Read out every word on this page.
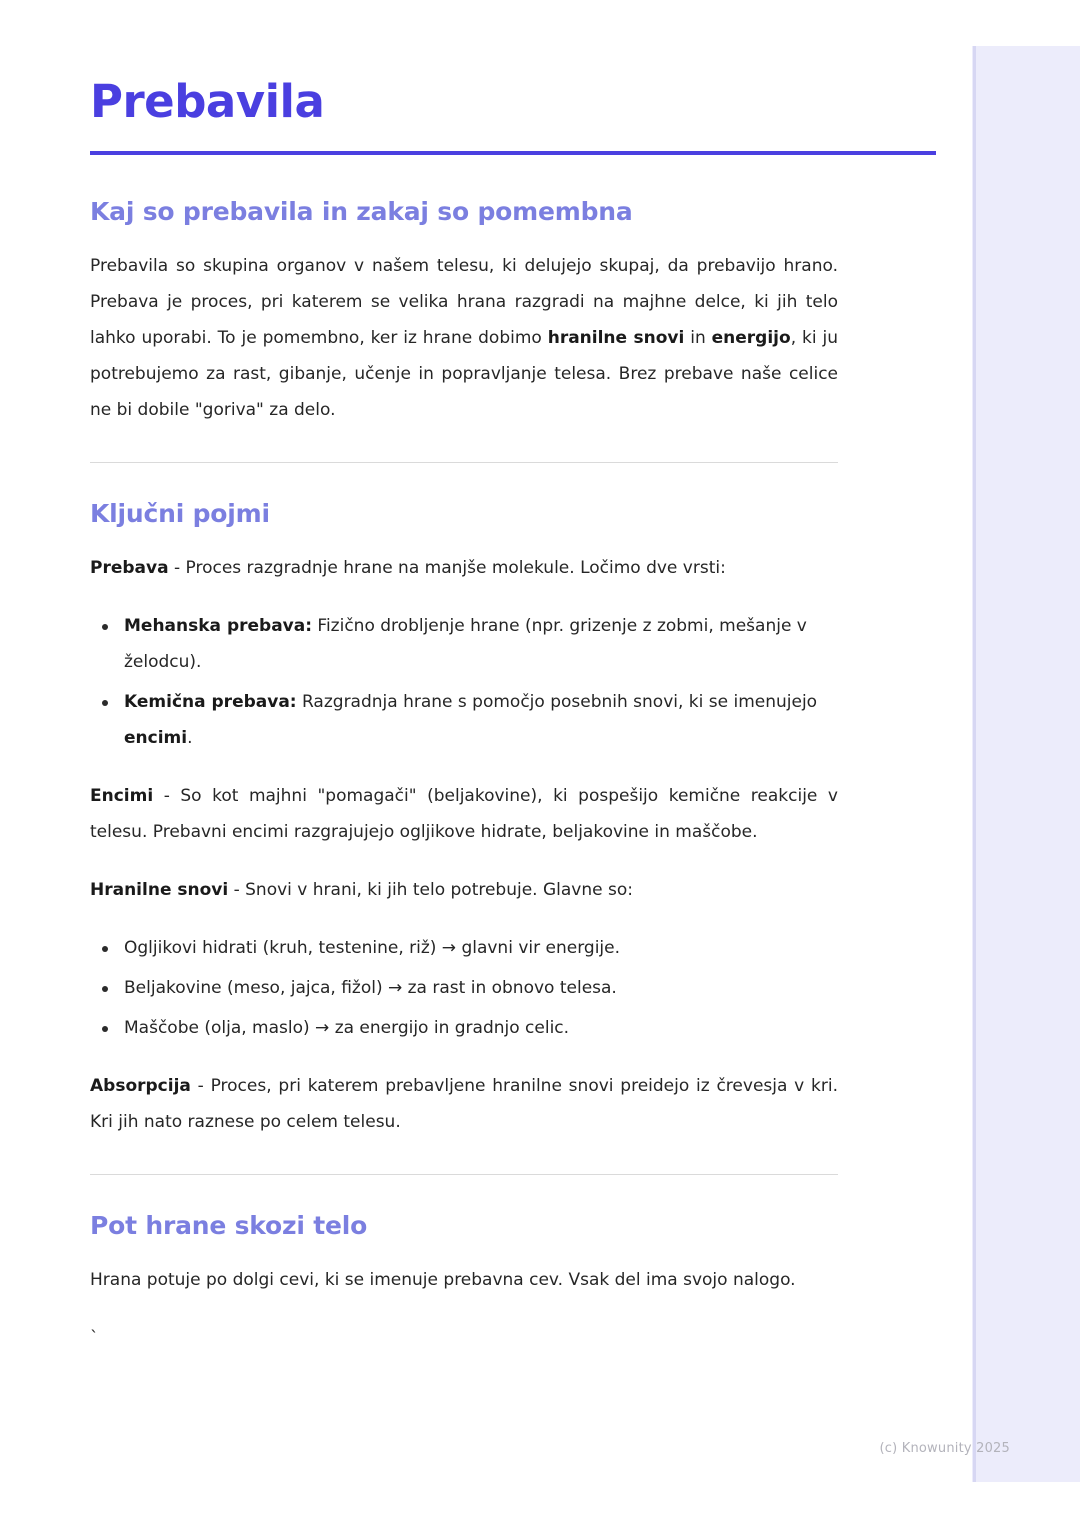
Prebavila
Kaj so prebavila in zakaj so pomembna

Prebavila so skupina organov v našem telesu, ki delujejo skupaj, da prebavijo hrano. Prebava je proces, pri katerem se velika hrana razgradi na majhne delce, ki jih telo lahko uporabi. To je pomembno, ker iz hrane dobimo hranilne snovi in energijo, ki ju potrebujemo za rast, gibanje, učenje in popravljanje telesa. Brez prebave naše celice ne bi dobile "goriva" za delo.

Ključni pojmi

Prebava - Proces razgradnje hrane na manjše molekule. Ločimo dve vrsti:

Mehanska prebava: Fizično drobljenje hrane (npr. grizenje z zobmi, mešanje v želodcu).
Kemična prebava: Razgradnja hrane s pomočjo posebnih snovi, ki se imenujejo encimi.

Encimi - So kot majhni "pomagači" (beljakovine), ki pospešijo kemične reakcije v telesu. Prebavni encimi razgrajujejo ogljikove hidrate, beljakovine in maščobe.

Hranilne snovi - Snovi v hrani, ki jih telo potrebuje. Glavne so:

Ogljikovi hidrati (kruh, testenine, riž) → glavni vir energije.
Beljakovine (meso, jajca, fižol) → za rast in obnovo telesa.
Maščobe (olja, maslo) → za energijo in gradnjo celic.

Absorpcija - Proces, pri katerem prebavljene hranilne snovi preidejo iz črevesja v kri. Kri jih nato raznese po celem telesu.

Pot hrane skozi telo

Hrana potuje po dolgi cevi, ki se imenuje prebavna cev. Vsak del ima svojo nalogo.

`
(c) Knowunity 2025
